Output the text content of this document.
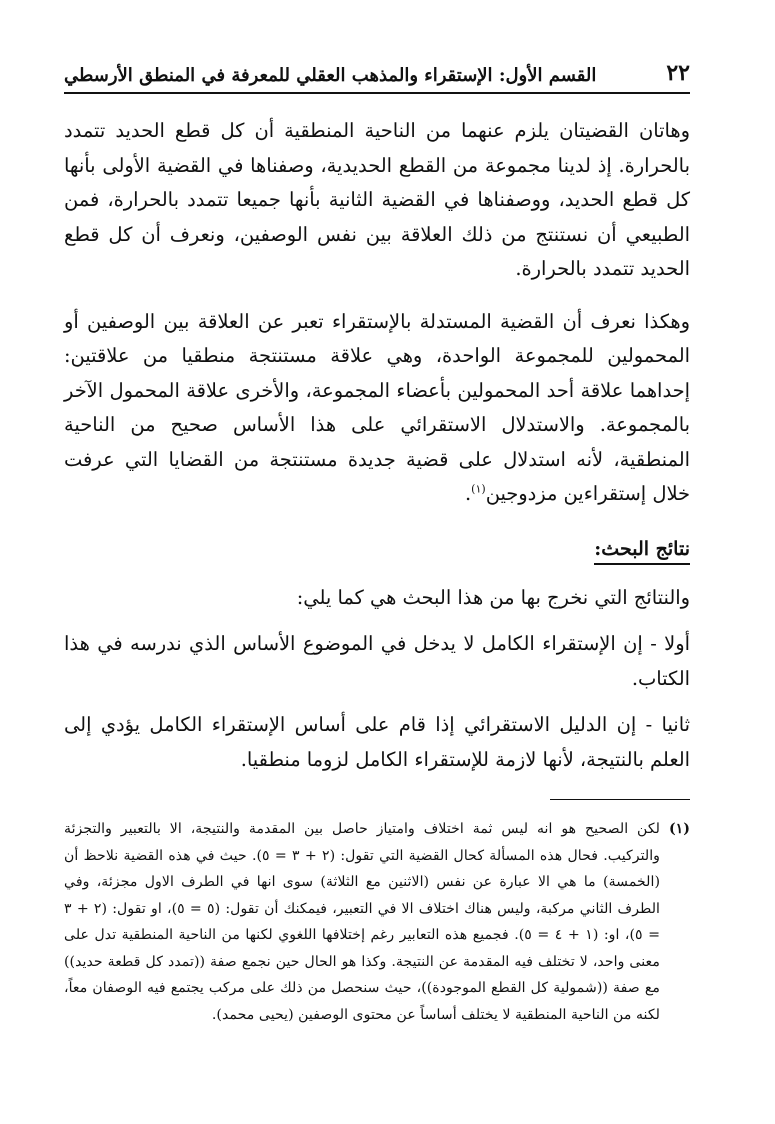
٢٢
القسم الأول: الإستقراء والمذهب العقلي للمعرفة في المنطق الأرسطي

وهاتان القضيتان يلزم عنهما من الناحية المنطقية أن كل قطع الحديد تتمدد بالحرارة. إذ لدينا مجموعة من القطع الحديدية، وصفناها في القضية الأولى بأنها كل قطع الحديد، ووصفناها في القضية الثانية بأنها جميعا تتمدد بالحرارة، فمن الطبيعي أن نستنتج من ذلك العلاقة بين نفس الوصفين، ونعرف أن كل قطع الحديد تتمدد بالحرارة.

وهكذا نعرف أن القضية المستدلة بالإستقراء تعبر عن العلاقة بين الوصفين أو المحمولين للمجموعة الواحدة، وهي علاقة مستنتجة منطقيا من علاقتين: إحداهما علاقة أحد المحمولين بأعضاء المجموعة، والأخرى علاقة المحمول الآخر بالمجموعة. والاستدلال الاستقرائي على هذا الأساس صحيح من الناحية المنطقية، لأنه استدلال على قضية جديدة مستنتجة من القضايا التي عرفت خلال إستقراءين مزدوجين$^{(١)}$.

نتائج البحث:

والنتائج التي نخرج بها من هذا البحث هي كما يلي:

أولا - إن الإستقراء الكامل لا يدخل في الموضوع الأساس الذي ندرسه في هذا الكتاب.

ثانيا - إن الدليل الاستقرائي إذا قام على أساس الإستقراء الكامل يؤدي إلى العلم بالنتيجة، لأنها لازمة للإستقراء الكامل لزوما منطقيا.

(١)
لكن الصحيح هو انه ليس ثمة اختلاف وامتياز حاصل بين المقدمة والنتيجة، الا بالتعبير والتجزئة والتركيب. فحال هذه المسألة كحال القضية التي تقول: (٢ + ٣ = ٥). حيث في هذه القضية نلاحظ أن (الخمسة) ما هي الا عبارة عن نفس (الاثنين مع الثلاثة) سوى انها في الطرف الاول مجزئة، وفي الطرف الثاني مركبة، وليس هناك اختلاف الا في التعبير، فيمكنك أن تقول: (٥ = ٥)، او تقول: (٢ + ٣ = ٥)، او: (١ + ٤ = ٥). فجميع هذه التعابير رغم إختلافها اللغوي لكنها من الناحية المنطقية تدل على معنى واحد، لا تختلف فيه المقدمة عن النتيجة. وكذا هو الحال حين نجمع صفة ((تمدد كل قطعة حديد)) مع صفة ((شمولية كل القطع الموجودة))، حيث سنحصل من ذلك على مركب يجتمع فيه الوصفان معاً، لكنه من الناحية المنطقية لا يختلف أساساً عن محتوى الوصفين (يحيى محمد).
